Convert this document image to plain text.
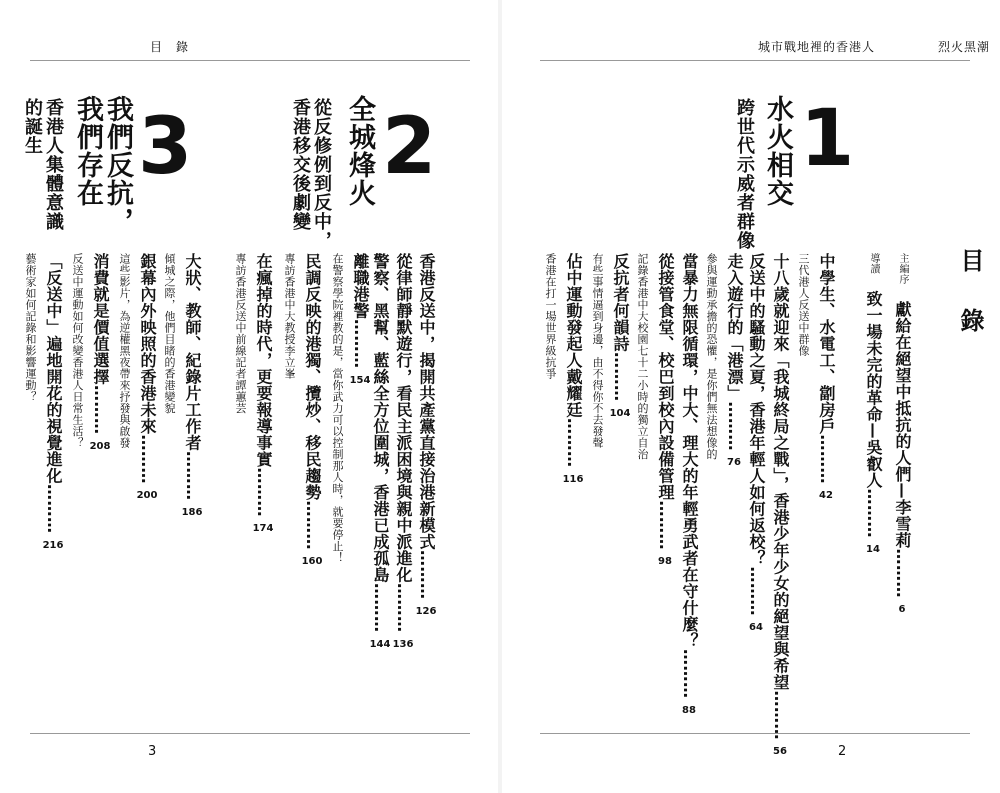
目　錄
3
我們反抗，
我們存在
香港人集體意識
的誕生	2
全城烽火
從反修例到反中，
香港移交後劇變
香港反送中，揭開共產黨直接治港新模式………126
從律師靜默遊行，看民主派困境與親中派進化………136
警察、黑幫、藍絲全方位圍城，香港已成孤島………144
離職港警………154
在警察學院裡教的是，當你武力可以控制那人時，就要停止！
民調反映的港獨、攬炒、移民趨勢………160
專訪香港中大教授李立峯
在瘋掉的時代，更要報導事實………174
專訪香港反送中前線記者譚蕙芸
大狀、教師、紀錄片工作者………186
傾城之際，他們目睹的香港變貌
銀幕內外映照的香港未來………200
這些影片，為逆權黑夜帶來抒發與啟發
消費就是價值選擇………208
反送中運動如何改變香港人日常生活？
「反送中」遍地開花的視覺進化………216
藝術家如何記錄和影響運動？
3
城市戰地裡的香港人	烈火黑潮
目　錄
主編序　獻給在絕望中抵抗的人們—李雪莉………6
導讀　致一場未完的革命—吳叡人………14
1
水火相交
跨世代示威者群像
中學生、水電工、劏房戶………42
三代港人反送中群像
十八歲就迎來「我城終局之戰」，香港少年少女的絕望與希望………56
反送中的騷動之夏，香港年輕人如何返校？………64
走入遊行的「港漂」………76
參與運動承擔的恐懼，是你們無法想像的
當暴力無限循環，中大、理大的年輕勇武者在守什麼？………88
從接管食堂、校巴到校內設備管理………98
記錄香港中大校園七十二小時的獨立自治
反抗者何韻詩………104
有些事情逼到身邊，由不得你不去發聲
佔中運動發起人戴耀廷………116
香港在打一場世界級抗爭
2
